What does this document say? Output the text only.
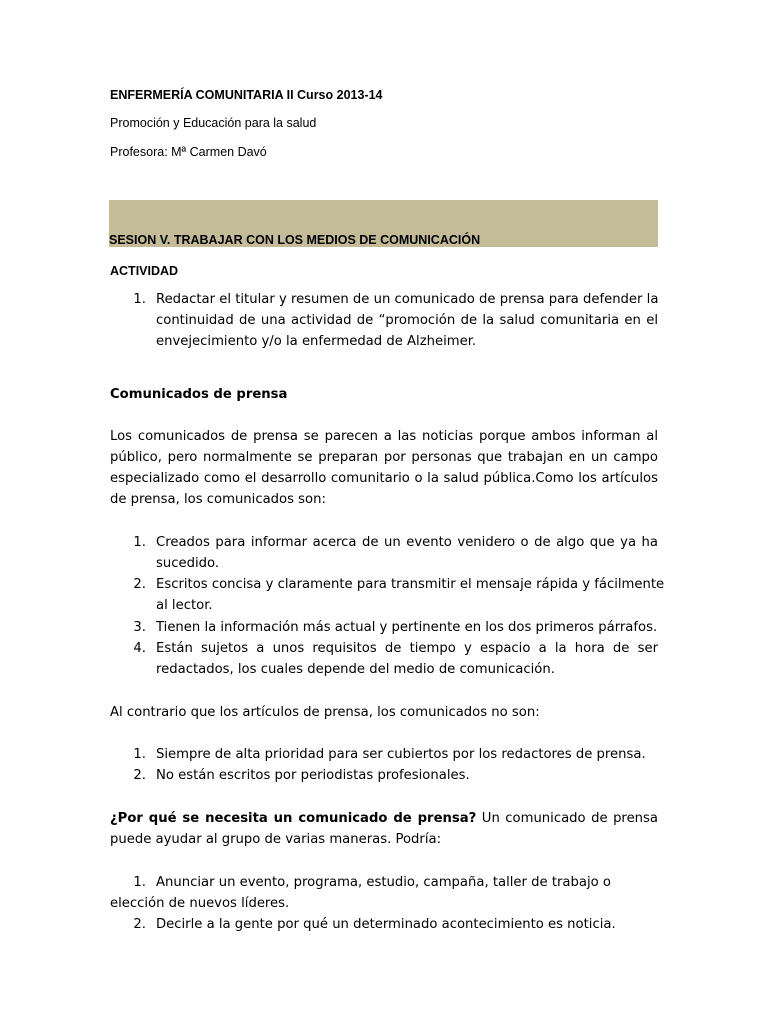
ENFERMERÍA COMUNITARIA II Curso 2013-14
Promoción y Educación para la salud
Profesora: Mª Carmen Davó
SESION V. TRABAJAR CON LOS MEDIOS DE COMUNICACIÓN
ACTIVIDAD
1. Redactar el titular y resumen de un comunicado de prensa para defender la
continuidad de una actividad de “promoción de la salud comunitaria en el
envejecimiento y/o la enfermedad de Alzheimer.
Comunicados de prensa
Los comunicados de prensa se parecen a las noticias porque ambos informan al
público, pero normalmente se preparan por personas que trabajan en un campo
especializado como el desarrollo comunitario o la salud pública.Como los artículos
de prensa, los comunicados son:
1. Creados para informar acerca de un evento venidero o de algo que ya ha
sucedido.
2. Escritos concisa y claramente para transmitir el mensaje rápida y fácilmente
al lector.
3. Tienen la información más actual y pertinente en los dos primeros párrafos.
4. Están sujetos a unos requisitos de tiempo y espacio a la hora de ser
redactados, los cuales depende del medio de comunicación.
Al contrario que los artículos de prensa, los comunicados no son:
1. Siempre de alta prioridad para ser cubiertos por los redactores de prensa.
2. No están escritos por periodistas profesionales.
¿Por qué se necesita un comunicado de prensa? Un comunicado de prensa
puede ayudar al grupo de varias maneras. Podría:
1. Anunciar un evento, programa, estudio, campaña, taller de trabajo o
elección de nuevos líderes.
2. Decirle a la gente por qué un determinado acontecimiento es noticia.
